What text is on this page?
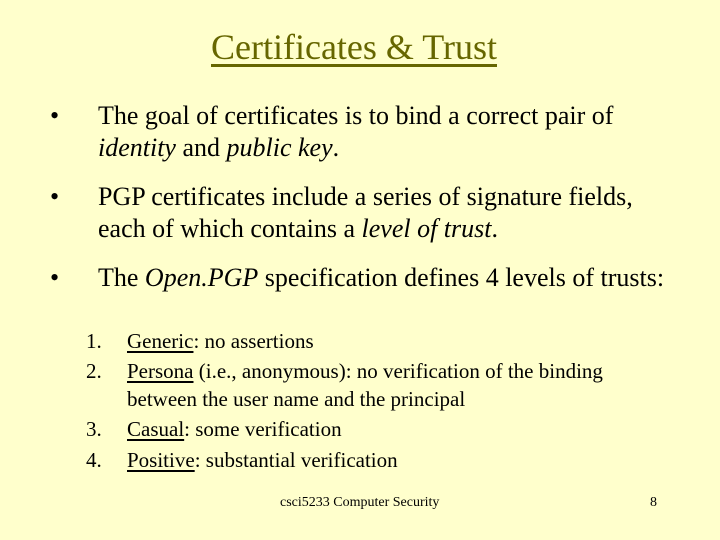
Certificates & Trust
• The goal of certificates is to bind a correct pair of identity and public key.
• PGP certificates include a series of signature fields, each of which contains a level of trust.
• The Open.PGP specification defines 4 levels of trusts:
1.	Generic: no assertions
2.	Persona (i.e., anonymous): no verification of the binding between the user name and the principal
3.	Casual: some verification
4.	Positive: substantial verification
csci5233 Computer Security	8
